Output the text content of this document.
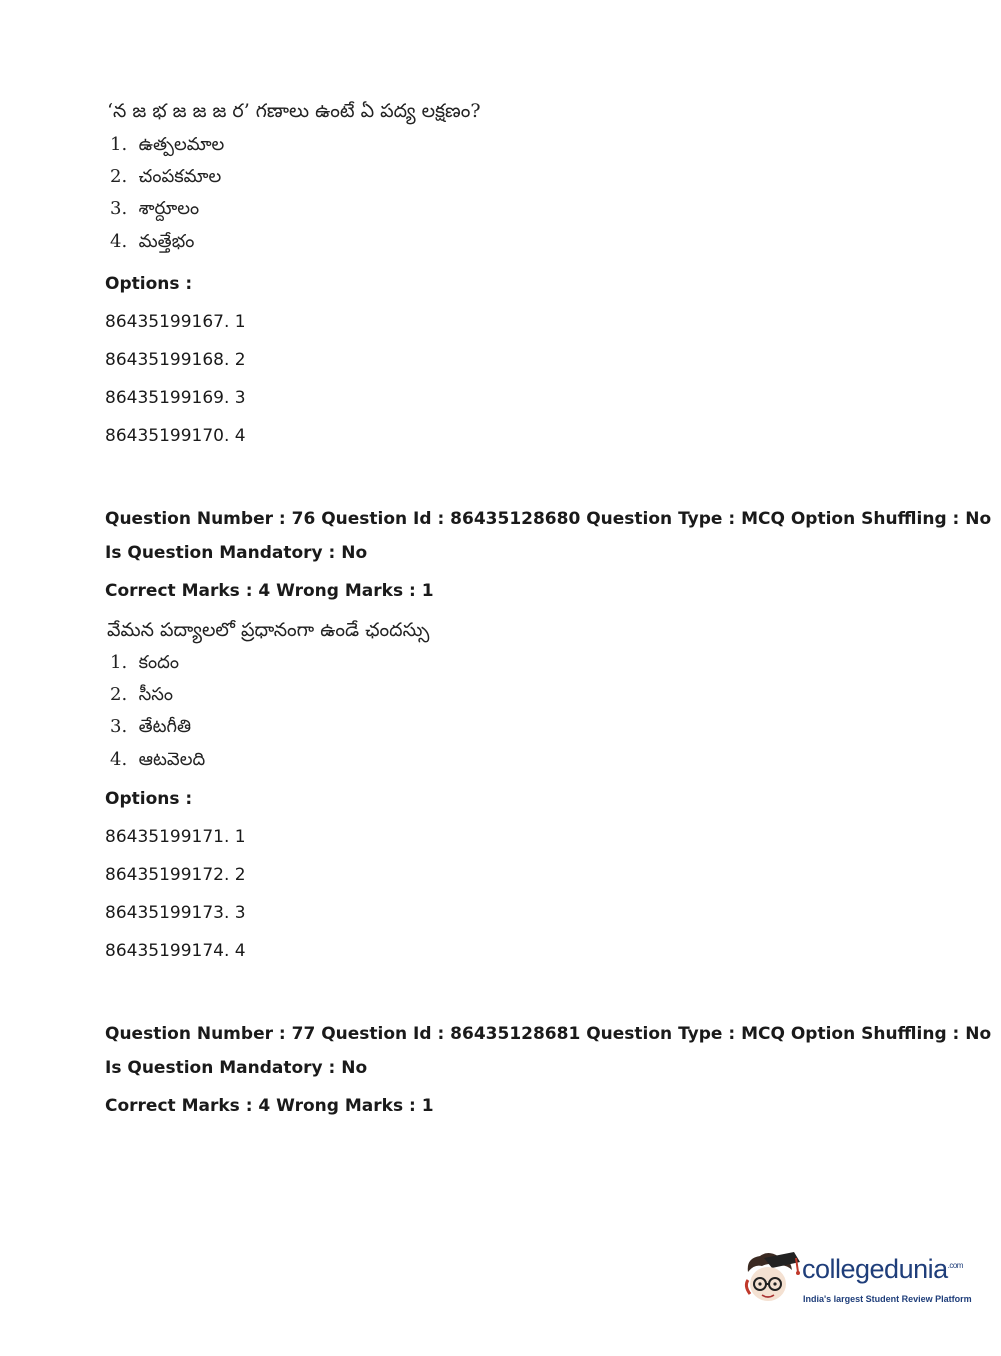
‘న జ భ జ జ జ ర’ గణాలు ఉంటే ఏ పద్య లక్షణం?
1. ఉత్పలమాల
2. చంపకమాల
3. శార్దూలం
4. మత్తేభం
Options :
86435199167. 1
86435199168. 2
86435199169. 3
86435199170. 4
Question Number : 76 Question Id : 86435128680 Question Type : MCQ Option Shuffling : No
Is Question Mandatory : No
Correct Marks : 4 Wrong Marks : 1
వేమన పద్యాలలో ప్రధానంగా ఉండే ఛందస్సు
1. కందం
2. సీసం
3. తేటగీతి
4. ఆటవెలది
Options :
86435199171. 1
86435199172. 2
86435199173. 3
86435199174. 4
Question Number : 77 Question Id : 86435128681 Question Type : MCQ Option Shuffling : No
Is Question Mandatory : No
Correct Marks : 4 Wrong Marks : 1
collegedunia$^{.com}$
India's largest Student Review Platform
